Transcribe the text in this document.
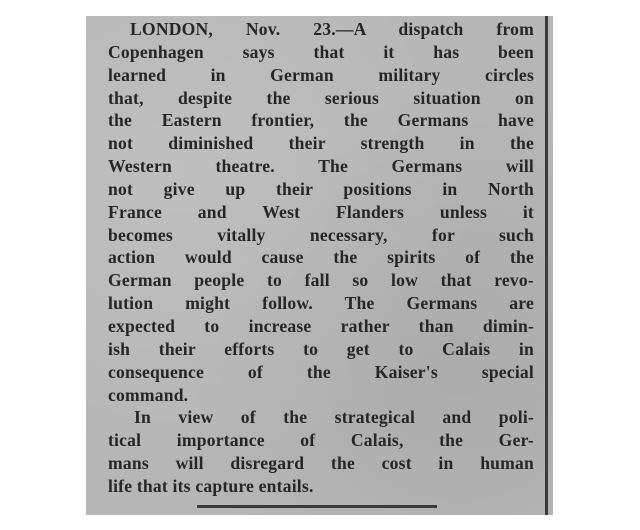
LONDON, Nov. 23.—A dispatch from
Copenhagen says that it has been
learned in German military circles
that, despite the serious situation on
the Eastern frontier, the Germans have
not diminished their strength in the
Western theatre. The Germans will
not give up their positions in North
France and West Flanders unless it
becomes vitally necessary, for such
action would cause the spirits of the
German people to fall so low that revo-
lution might follow. The Germans are
expected to increase rather than dimin-
ish their efforts to get to Calais in
consequence of the Kaiser's special
command.
In view of the strategical and poli-
tical importance of Calais, the Ger-
mans will disregard the cost in human
life that its capture entails.
